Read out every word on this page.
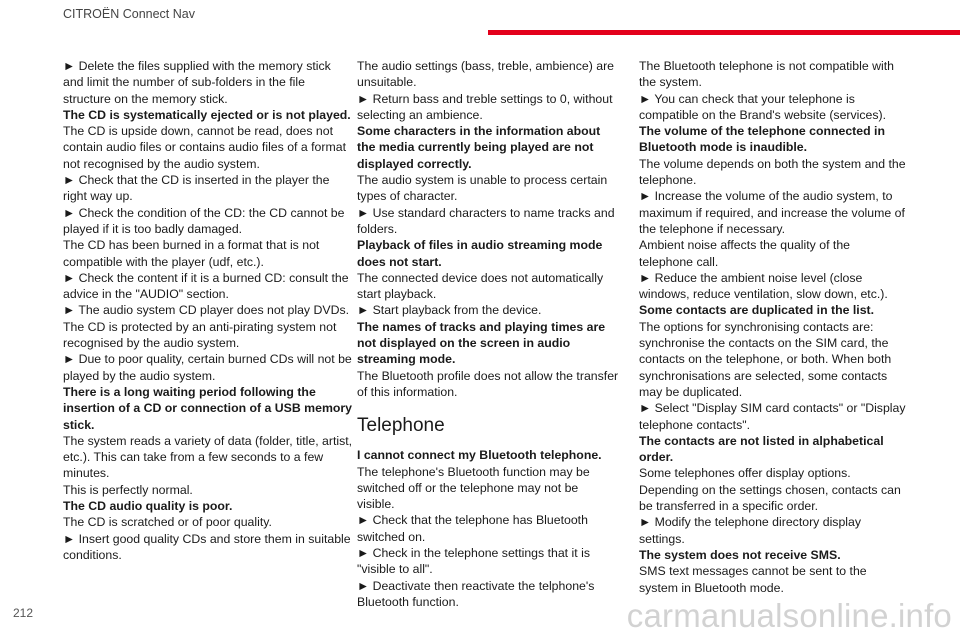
CITROËN Connect Nav

► Delete the files supplied with the memory stick and limit the number of sub-folders in the file structure on the memory stick.

The CD is systematically ejected or is not played.

The CD is upside down, cannot be read, does not contain audio files or contains audio files of a format not recognised by the audio system.

► Check that the CD is inserted in the player the right way up.

► Check the condition of the CD: the CD cannot be played if it is too badly damaged.

The CD has been burned in a format that is not compatible with the player (udf, etc.).

► Check the content if it is a burned CD: consult the advice in the "AUDIO" section.

► The audio system CD player does not play DVDs.

The CD is protected by an anti-pirating system not recognised by the audio system.

► Due to poor quality, certain burned CDs will not be played by the audio system.

There is a long waiting period following the insertion of a CD or connection of a USB memory stick.

The system reads a variety of data (folder, title, artist, etc.). This can take from a few seconds to a few minutes.

This is perfectly normal.

The CD audio quality is poor.

The CD is scratched or of poor quality.

► Insert good quality CDs and store them in suitable conditions.

The audio settings (bass, treble, ambience) are unsuitable.

► Return bass and treble settings to 0, without selecting an ambience.

Some characters in the information about the media currently being played are not displayed correctly.

The audio system is unable to process certain types of character.

► Use standard characters to name tracks and folders.

Playback of files in audio streaming mode does not start.

The connected device does not automatically start playback.

► Start playback from the device.

The names of tracks and playing times are not displayed on the screen in audio streaming mode.

The Bluetooth profile does not allow the transfer of this information.

Telephone

I cannot connect my Bluetooth telephone.

The telephone's Bluetooth function may be switched off or the telephone may not be visible.

► Check that the telephone has Bluetooth switched on.

► Check in the telephone settings that it is "visible to all".

► Deactivate then reactivate the telphone's Bluetooth function.

The Bluetooth telephone is not compatible with the system.

► You can check that your telephone is compatible on the Brand's website (services).

The volume of the telephone connected in Bluetooth mode is inaudible.

The volume depends on both the system and the telephone.

► Increase the volume of the audio system, to maximum if required, and increase the volume of the telephone if necessary.

Ambient noise affects the quality of the telephone call.

► Reduce the ambient noise level (close windows, reduce ventilation, slow down, etc.).

Some contacts are duplicated in the list.

The options for synchronising contacts are: synchronise the contacts on the SIM card, the contacts on the telephone, or both. When both synchronisations are selected, some contacts may be duplicated.

► Select "Display SIM card contacts" or "Display telephone contacts".

The contacts are not listed in alphabetical order.

Some telephones offer display options. Depending on the settings chosen, contacts can be transferred in a specific order.

► Modify the telephone directory display settings.

The system does not receive SMS.

SMS text messages cannot be sent to the system in Bluetooth mode.

212	carmanualsonline.info
